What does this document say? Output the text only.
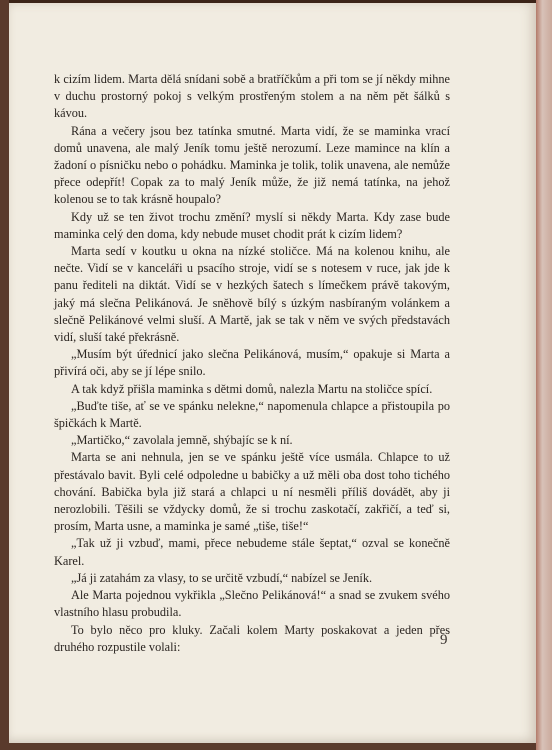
k cizím lidem. Marta dělá snídani sobě a bratříčkům a při tom se jí někdy mihne v duchu prostorný pokoj s velkým prostřeným stolem a na něm pět šálků s kávou.

Rána a večery jsou bez tatínka smutné. Marta vidí, že se maminka vrací domů unavena, ale malý Jeník tomu ještě nerozumí. Leze mamince na klín a žadoní o písničku nebo o pohádku. Maminka je tolik, tolik unavena, ale nemůže přece odepřít! Copak za to malý Jeník může, že již nemá tatínka, na jehož kolenou se to tak krásně houpalo?

Kdy už se ten život trochu změní? myslí si někdy Marta. Kdy zase bude maminka celý den doma, kdy nebude muset chodit prát k cizím lidem?

Marta sedí v koutku u okna na nízké stoličce. Má na kolenou knihu, ale nečte. Vidí se v kanceláři u psacího stroje, vidí se s notesem v ruce, jak jde k panu řediteli na diktát. Vidí se v hezkých šatech s límečkem právě takovým, jaký má slečna Pelikánová. Je sněhově bílý s úzkým nasbíraným volánkem a slečně Pelikánové velmi sluší. A Martě, jak se tak v něm ve svých představách vidí, sluší také překrásně.

„Musím být úřednicí jako slečna Pelikánová, musím,“ opakuje si Marta a přivírá oči, aby se jí lépe snilo.

A tak když přišla maminka s dětmi domů, nalezla Martu na stoličce spící.

„Buďte tiše, ať se ve spánku nelekne,“ napomenula chlapce a přistoupila po špičkách k Martě.

„Martičko,“ zavolala jemně, shýbajíc se k ní.

Marta se ani nehnula, jen se ve spánku ještě více usmála. Chlapce to už přestávalo bavit. Byli celé odpoledne u babičky a už měli oba dost toho tichého chování. Babička byla již stará a chlapci u ní nesměli příliš dovádět, aby ji nerozlobili. Těšili se vždycky domů, že si trochu zaskotačí, zakřičí, a teď si, prosím, Marta usne, a maminka je samé „tiše, tiše!“

„Tak už ji vzbuď, mami, přece nebudeme stále šeptat,“ ozval se konečně Karel.

„Já ji zatahám za vlasy, to se určitě vzbudí,“ nabízel se Jeník.

Ale Marta pojednou vykřikla „Slečno Pelikánová!“ a snad se zvukem svého vlastního hlasu probudila.

To bylo něco pro kluky. Začali kolem Marty poskakovat a jeden přes druhého rozpustile volali:	9
